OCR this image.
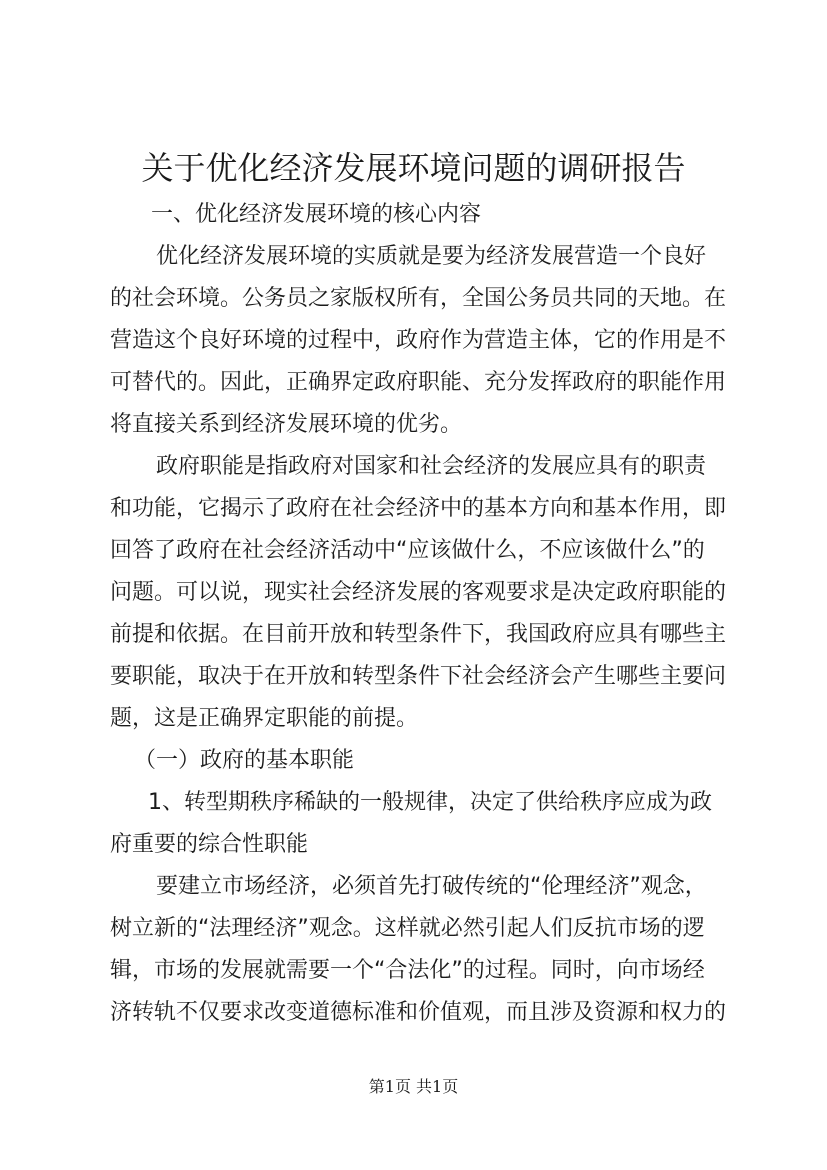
关于优化经济发展环境问题的调研报告
一、优化经济发展环境的核心内容
优化经济发展环境的实质就是要为经济发展营造一个良好
的社会环境。公务员之家版权所有，全国公务员共同的天地。在
营造这个良好环境的过程中，政府作为营造主体，它的作用是不
可替代的。因此，正确界定政府职能、充分发挥政府的职能作用
将直接关系到经济发展环境的优劣。
政府职能是指政府对国家和社会经济的发展应具有的职责
和功能，它揭示了政府在社会经济中的基本方向和基本作用，即
回答了政府在社会经济活动中“应该做什么，不应该做什么”的
问题。可以说，现实社会经济发展的客观要求是决定政府职能的
前提和依据。在目前开放和转型条件下，我国政府应具有哪些主
要职能，取决于在开放和转型条件下社会经济会产生哪些主要问
题，这是正确界定职能的前提。
（一）政府的基本职能
1、转型期秩序稀缺的一般规律，决定了供给秩序应成为政
府重要的综合性职能
要建立市场经济，必须首先打破传统的“伦理经济”观念，
树立新的“法理经济”观念。这样就必然引起人们反抗市场的逻
辑，市场的发展就需要一个“合法化”的过程。同时，向市场经
济转轨不仅要求改变道德标准和价值观，而且涉及资源和权力的
第1页 共1页
